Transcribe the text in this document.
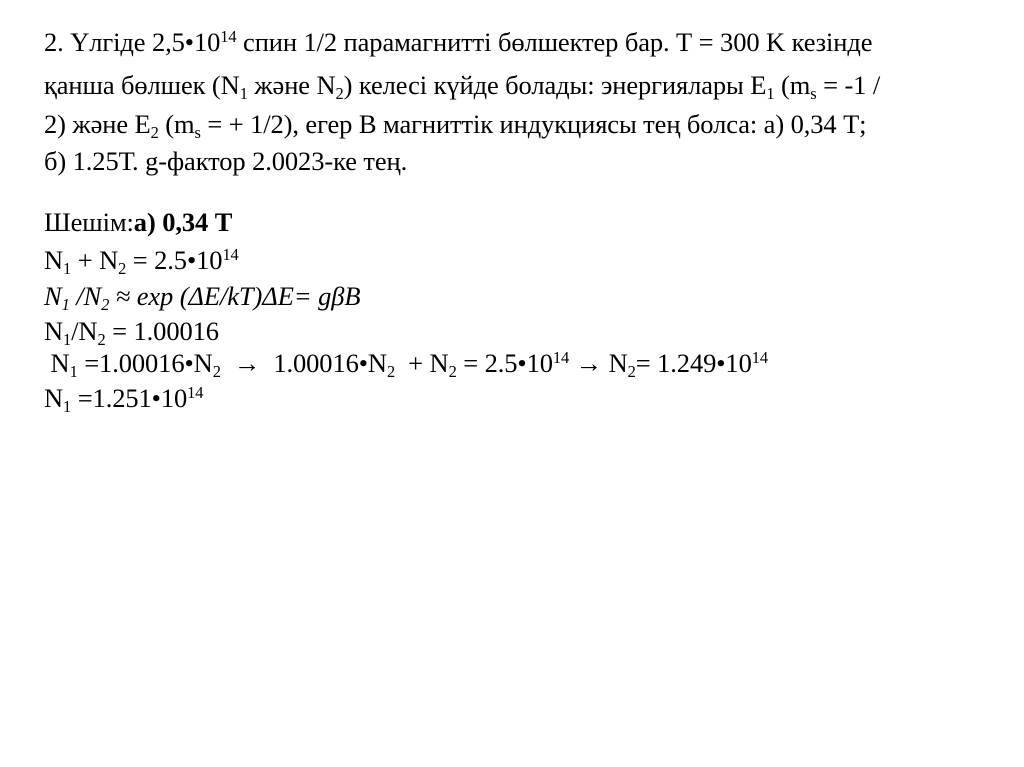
2. Үлгіде $2,5•10^{14}$ спин 1/2 парамагнитті бөлшектер бар. Т = 300 K кезінде
қанша бөлшек ($N_1$ және $N_2$) келесі күйде болады: энергиялары $E_1$ ($m_s = -1$ /
2) және $E_2$ ($m_s$ = + 1/2), егер B магниттік индукциясы тең болса: а) 0,34 Т;
б) 1.25Т. g-фактор 2.0023-ке тең.
Шешім:а) 0,34 Т
$N_1 + N_2$ = $2.5•10^{14}$
$N_1$ $/N_2 \approx \exp (\Delta E/kT)\Delta E= g\beta B$
$N_1/N_2 = 1.00016$
$N_1$ $=1.00016•N_2$  →  $1.00016•N_2 + N_2$ = $2.5•10^{14} \to N_2=$ $1.249•10^{14}$
$N_1$ $=1.251•10^{14}$
